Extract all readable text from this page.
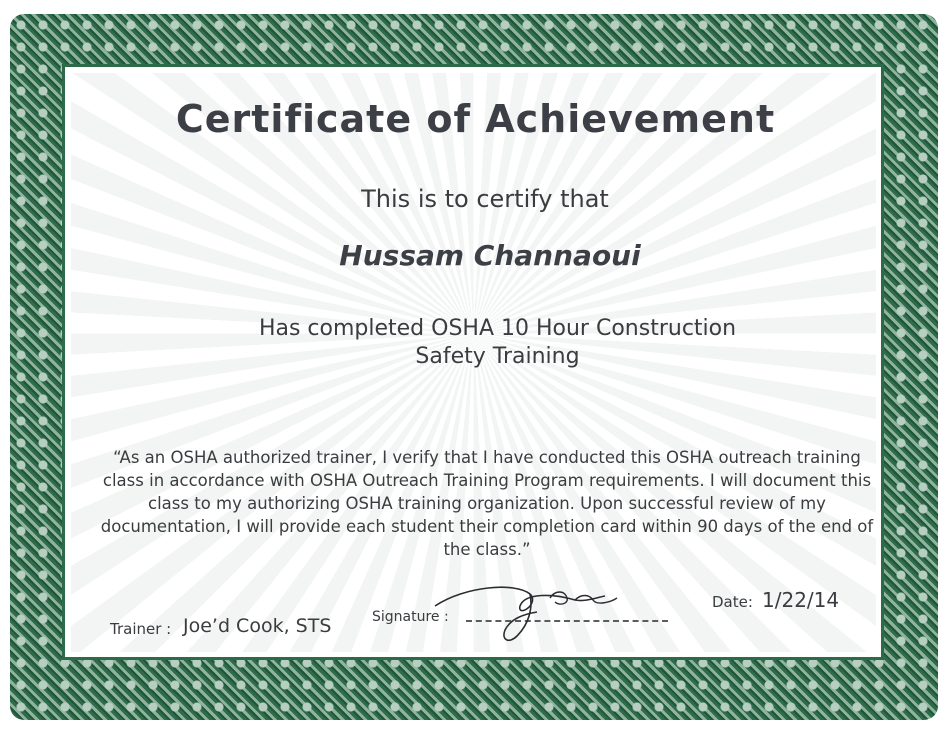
Certificate of Achievement
This is to certify that
Hussam Channaoui
Has completed OSHA 10 Hour Construction
Safety Training
“As an OSHA authorized trainer, I verify that I have conducted this OSHA outreach training class in accordance with OSHA Outreach Training Program requirements. I will document this class to my authorizing OSHA training organization. Upon successful review of my documentation, I will provide each student their completion card within 90 days of the end of the class.”
Trainer : Joe’d Cook, STS	Signature :
Date: 1/22/14
